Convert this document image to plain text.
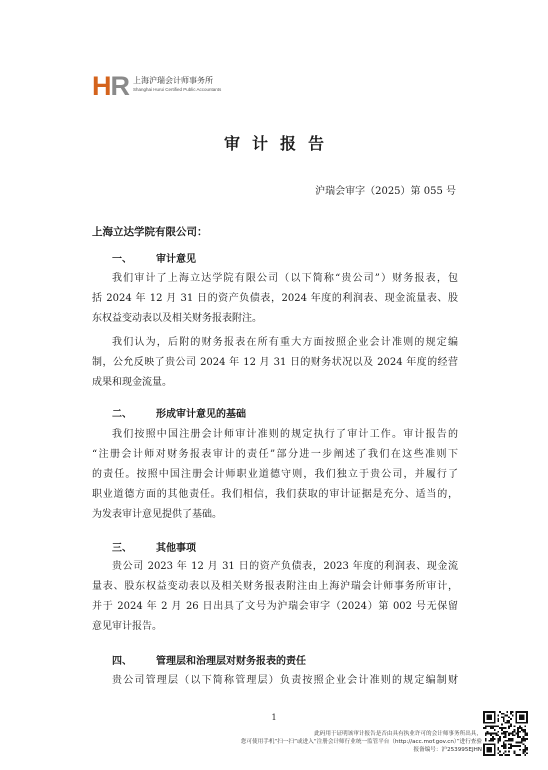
HR 上海沪瑞会计师事务所
Shanghai Hurui Certified Public Accountants
审计报告
沪瑞会审字（2025）第 055 号
上海立达学院有限公司：
一、 审计意见
我们审计了上海立达学院有限公司（以下简称“贵公司”）财务报表，包
括 2024 年 12 月 31 日的资产负债表，2024 年度的利润表、现金流量表、股
东权益变动表以及相关财务报表附注。
我们认为，后附的财务报表在所有重大方面按照企业会计准则的规定编
制，公允反映了贵公司 2024 年 12 月 31 日的财务状况以及 2024 年度的经营
成果和现金流量。
二、 形成审计意见的基础
我们按照中国注册会计师审计准则的规定执行了审计工作。审计报告的
“注册会计师对财务报表审计的责任”部分进一步阐述了我们在这些准则下
的责任。按照中国注册会计师职业道德守则，我们独立于贵公司，并履行了
职业道德方面的其他责任。我们相信，我们获取的审计证据是充分、适当的，
为发表审计意见提供了基础。
三、 其他事项
贵公司 2023 年 12 月 31 日的资产负债表，2023 年度的利润表、现金流
量表、股东权益变动表以及相关财务报表附注由上海沪瑞会计师事务所审计，
并于 2024 年 2 月 26 日出具了文号为沪瑞会审字（2024）第 002 号无保留
意见审计报告。
四、 管理层和治理层对财务报表的责任
贵公司管理层（以下简称管理层）负责按照企业会计准则的规定编制财
1
此码用于证明该审计报告是否由具有执业许可的会计师事务所出具，
您可使用手机“扫一扫”或进入“注册会计师行业统一监管平台（http://acc.mof.gov.cn）”进行查验
报备编号：沪253995EJHN
